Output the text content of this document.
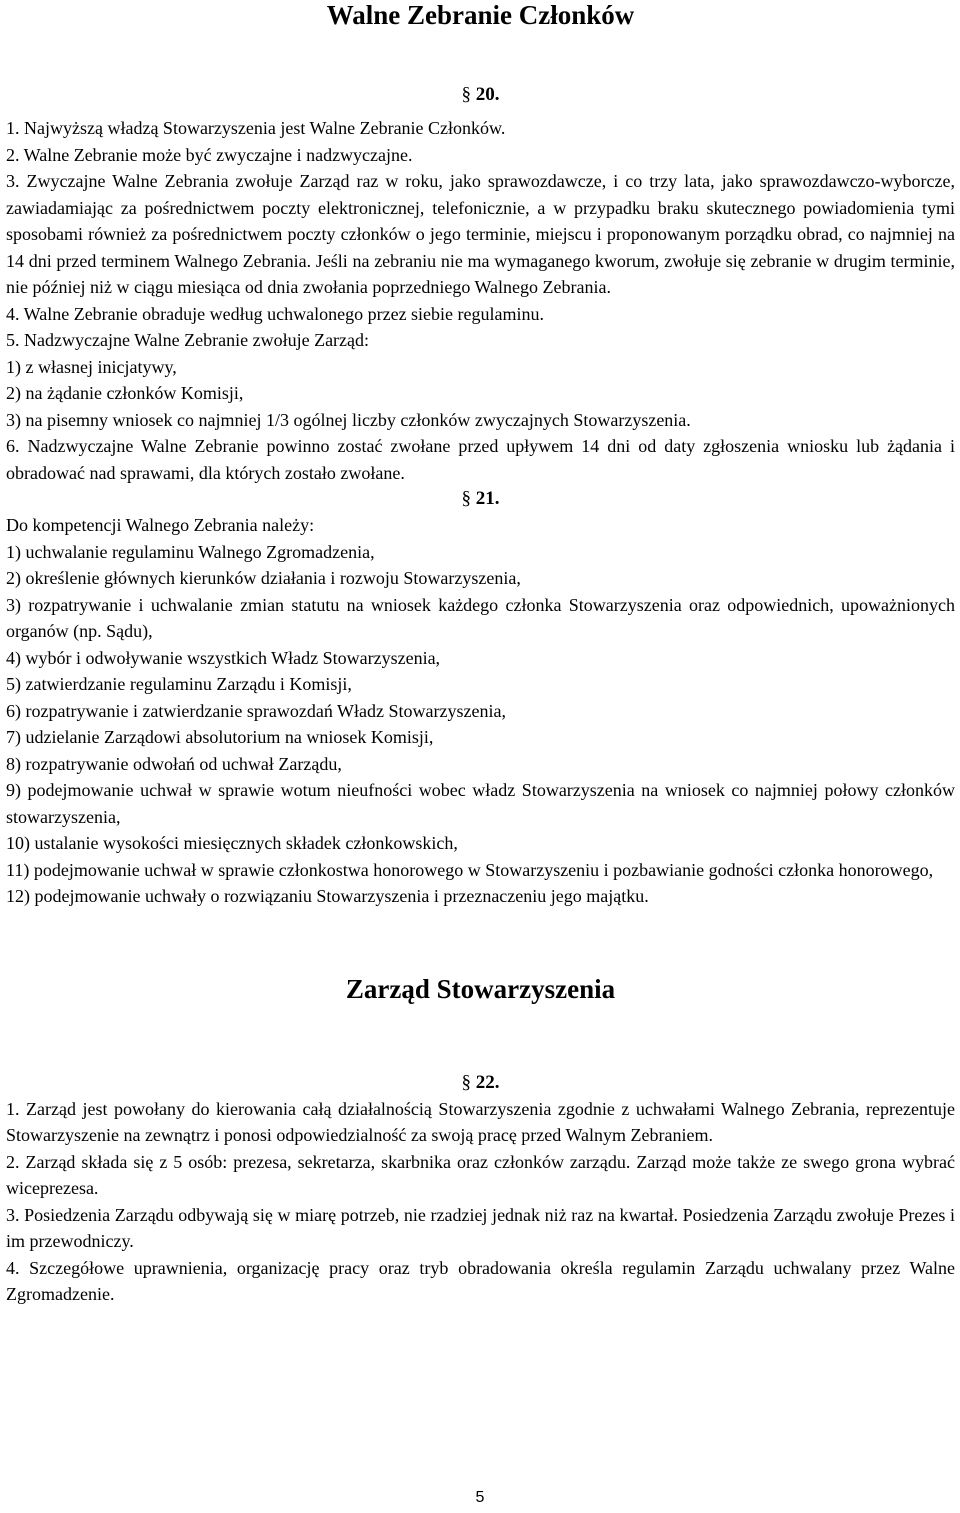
Walne Zebranie Członków
§ 20.

1. Najwyższą władzą Stowarzyszenia jest Walne Zebranie Członków.

2. Walne Zebranie może być zwyczajne i nadzwyczajne.

3. Zwyczajne Walne Zebrania zwołuje Zarząd raz w roku, jako sprawozdawcze, i co trzy lata, jako sprawozdawczo-wyborcze, zawiadamiając za pośrednictwem poczty elektronicznej, telefonicznie, a w przypadku braku skutecznego powiadomienia tymi sposobami również za pośrednictwem poczty członków o jego terminie, miejscu i proponowanym porządku obrad, co najmniej na 14 dni przed terminem Walnego Zebrania. Jeśli na zebraniu nie ma wymaganego kworum, zwołuje się zebranie w drugim terminie, nie później niż w ciągu miesiąca od dnia zwołania poprzedniego Walnego Zebrania.

4. Walne Zebranie obraduje według uchwalonego przez siebie regulaminu.

5. Nadzwyczajne Walne Zebranie zwołuje Zarząd:

1) z własnej inicjatywy,

2) na żądanie członków Komisji,

3) na pisemny wniosek co najmniej 1/3 ogólnej liczby członków zwyczajnych Stowarzyszenia.

6. Nadzwyczajne Walne Zebranie powinno zostać zwołane przed upływem 14 dni od daty zgłoszenia wniosku lub żądania i obradować nad sprawami, dla których zostało zwołane.

§ 21.

Do kompetencji Walnego Zebrania należy:

1) uchwalanie regulaminu Walnego Zgromadzenia,

2) określenie głównych kierunków działania i rozwoju Stowarzyszenia,

3) rozpatrywanie i uchwalanie zmian statutu na wniosek każdego członka Stowarzyszenia oraz odpowiednich, upoważnionych organów (np. Sądu),

4) wybór i odwoływanie wszystkich Władz Stowarzyszenia,

5) zatwierdzanie regulaminu Zarządu i Komisji,

6) rozpatrywanie i zatwierdzanie sprawozdań Władz Stowarzyszenia,

7) udzielanie Zarządowi absolutorium na wniosek Komisji,

8) rozpatrywanie odwołań od uchwał Zarządu,

9) podejmowanie uchwał w sprawie wotum nieufności wobec władz Stowarzyszenia na wniosek co najmniej połowy członków stowarzyszenia,

10) ustalanie wysokości miesięcznych składek członkowskich,

11) podejmowanie uchwał w sprawie członkostwa honorowego w Stowarzyszeniu i pozbawianie godności członka honorowego,

12) podejmowanie uchwały o rozwiązaniu Stowarzyszenia i przeznaczeniu jego majątku.

Zarząd Stowarzyszenia
§ 22.

1. Zarząd jest powołany do kierowania całą działalnością Stowarzyszenia zgodnie z uchwałami Walnego Zebrania, reprezentuje Stowarzyszenie na zewnątrz i ponosi odpowiedzialność za swoją pracę przed Walnym Zebraniem.

2. Zarząd składa się z 5 osób: prezesa, sekretarza, skarbnika oraz członków zarządu. Zarząd może także ze swego grona wybrać wiceprezesa.

3. Posiedzenia Zarządu odbywają się w miarę potrzeb, nie rzadziej jednak niż raz na kwartał. Posiedzenia Zarządu zwołuje Prezes i im przewodniczy.

4. Szczegółowe uprawnienia, organizację pracy oraz tryb obradowania określa regulamin Zarządu uchwalany przez Walne Zgromadzenie.

5
